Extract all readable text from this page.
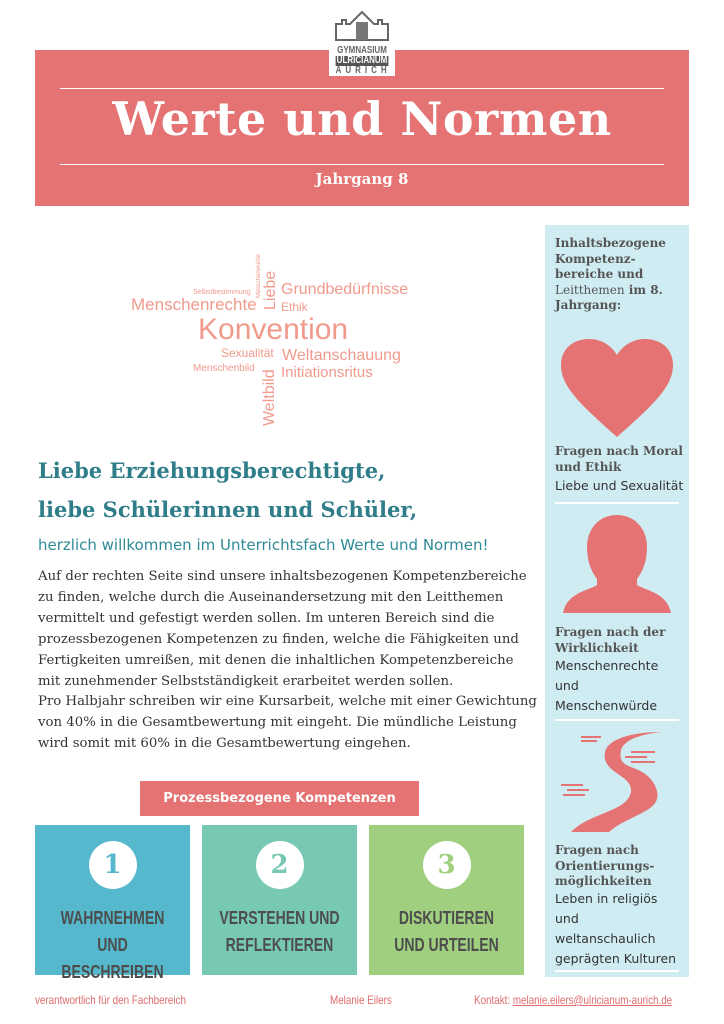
Werte und Normen
Jahrgang 8
GYMNASIUM
ULRICIANUM
AURICH
Menschenwürde
Selbstbestimmung Liebe Grundbedürfnisse
Menschenrechte Ethik
Konvention
Sexualität Weltanschauung
Menschenbild Initiationsritus
Weltbild
Liebe Erziehungsberechtigte,
liebe Schülerinnen und Schüler,
herzlich willkommen im Unterrichtsfach Werte und Normen!

Auf der rechten Seite sind unsere inhaltsbezogenen Kompetenzbereiche zu finden, welche durch die Auseinandersetzung mit den Leitthemen vermittelt und gefestigt werden sollen. Im unteren Bereich sind die prozessbezogenen Kompetenzen zu finden, welche die Fähigkeiten und Fertigkeiten umreißen, mit denen die inhaltlichen Kompetenzbereiche mit zunehmender Selbstständigkeit erarbeitet werden sollen.

Pro Halbjahr schreiben wir eine Kursarbeit, welche mit einer Gewichtung von 40% in die Gesamtbewertung mit eingeht. Die mündliche Leistung wird somit mit 60% in die Gesamtbewertung eingehen.

Prozessbezogene Kompetenzen
1
WAHRNEHMEN UND BESCHREIBEN
2
VERSTEHEN UND REFLEKTIEREN
3
DISKUTIEREN UND URTEILEN
Inhaltsbezogene Kompetenz-bereiche und Leitthemen im 8. Jahrgang:
Fragen nach Moral und Ethik
Liebe und Sexualität
Fragen nach der Wirklichkeit
Menschenrechte und Menschenwürde
Fragen nach Orientierungs-möglichkeiten
Leben in religiös und weltanschaulich geprägten Kulturen
verantwortlich für den Fachbereich	Melanie Eilers	Kontakt: melanie.eilers@ulricianum-aurich.de
